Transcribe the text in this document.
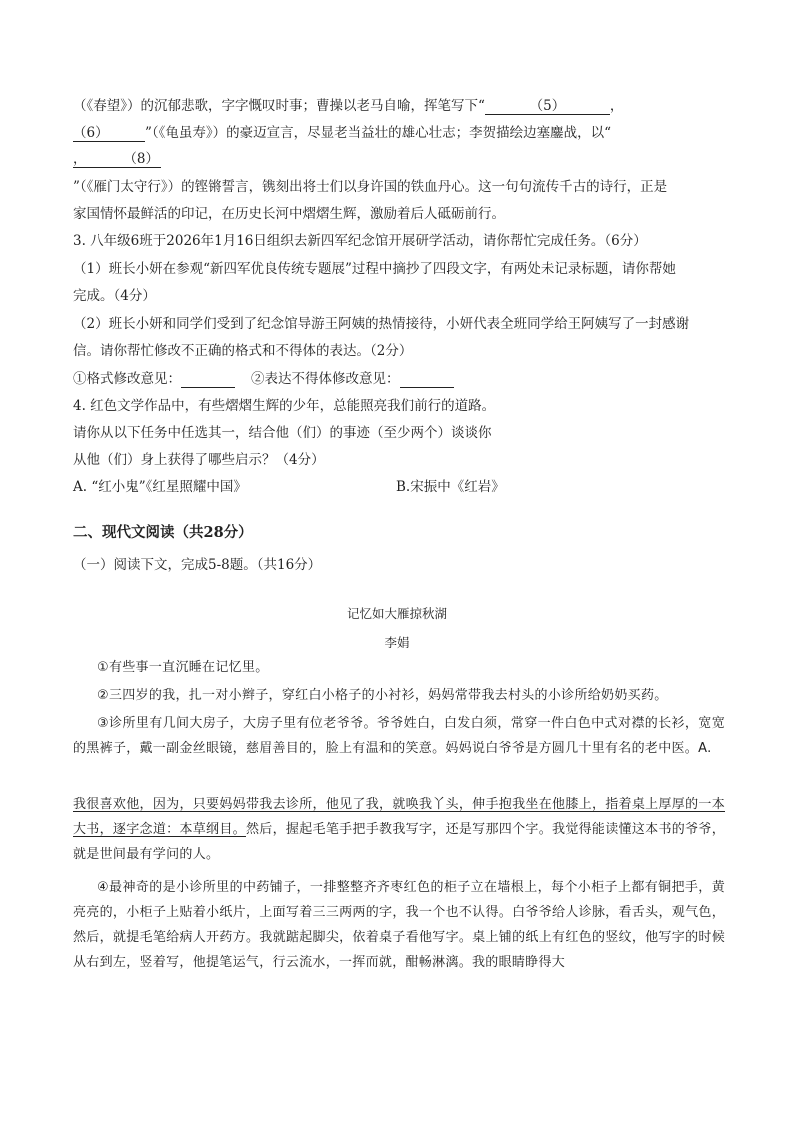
（《春望》）的沉郁悲歌，字字慨叹时事；曹操以老马自喻，挥笔写下“	（5）	，
（6）	”（《龟虽寿》）的豪迈宣言，尽显老当益壮的雄心壮志；李贺描绘边塞鏖战，以“
，	（8）
”（《雁门太守行》）的铿锵誓言，镌刻出将士们以身许国的铁血丹心。这一句句流传千古的诗行，正是
家国情怀最鲜活的印记，在历史长河中熠熠生辉，激励着后人砥砺前行。
3. 八年级6班于2026年1月16日组织去新四军纪念馆开展研学活动，请你帮忙完成任务。（6分）
（1）班长小妍在参观“新四军优良传统专题展”过程中摘抄了四段文字，有两处未记录标题，请你帮她
完成。（4分）
（2）班长小妍和同学们受到了纪念馆导游王阿姨的热情接待，小妍代表全班同学给王阿姨写了一封感谢
信。请你帮忙修改不正确的格式和不得体的表达。（2分）
①格式修改意见：	②表达不得体修改意见：
4. 红色文学作品中，有些熠熠生辉的少年，总能照亮我们前行的道路。
请你从以下任务中任选其一，结合他（们）的事迹（至少两个）谈谈你
从他（们）身上获得了哪些启示？（4分）
A. “红小鬼”《红星照耀中国》	B.宋振中《红岩》
二、现代文阅读（共28分）
（一）阅读下文，完成5-8题。（共16分）
记忆如大雁掠秋湖
李娟
①有些事一直沉睡在记忆里。
②三四岁的我，扎一对小辫子，穿红白小格子的小衬衫，妈妈常带我去村头的小诊所给奶奶买药。
③诊所里有几间大房子，大房子里有位老爷爷。爷爷姓白，白发白须，常穿一件白色中式对襟的长衫，宽宽的黑裤子，戴一副金丝眼镜，慈眉善目的，脸上有温和的笑意。妈妈说白爷爷是方圆几十里有名的老中医。A.
我很喜欢他，因为，只要妈妈带我去诊所，他见了我，就唤我丫头，伸手抱我坐在他膝上，指着桌上厚厚的一本大书，逐字念道：本草纲目。然后，握起毛笔手把手教我写字，还是写那四个字。我觉得能读懂这本书的爷爷，就是世间最有学问的人。
④最神奇的是小诊所里的中药铺子，一排整整齐齐枣红色的柜子立在墙根上，每个小柜子上都有铜把手，黄亮亮的，小柜子上贴着小纸片，上面写着三三两两的字，我一个也不认得。白爷爷给人诊脉，看舌头，观气色，然后，就提毛笔给病人开药方。我就踮起脚尖，依着桌子看他写字。桌上铺的纸上有红色的竖纹，他写字的时候从右到左，竖着写，他提笔运气，行云流水，一挥而就，酣畅淋漓。我的眼睛睁得大
